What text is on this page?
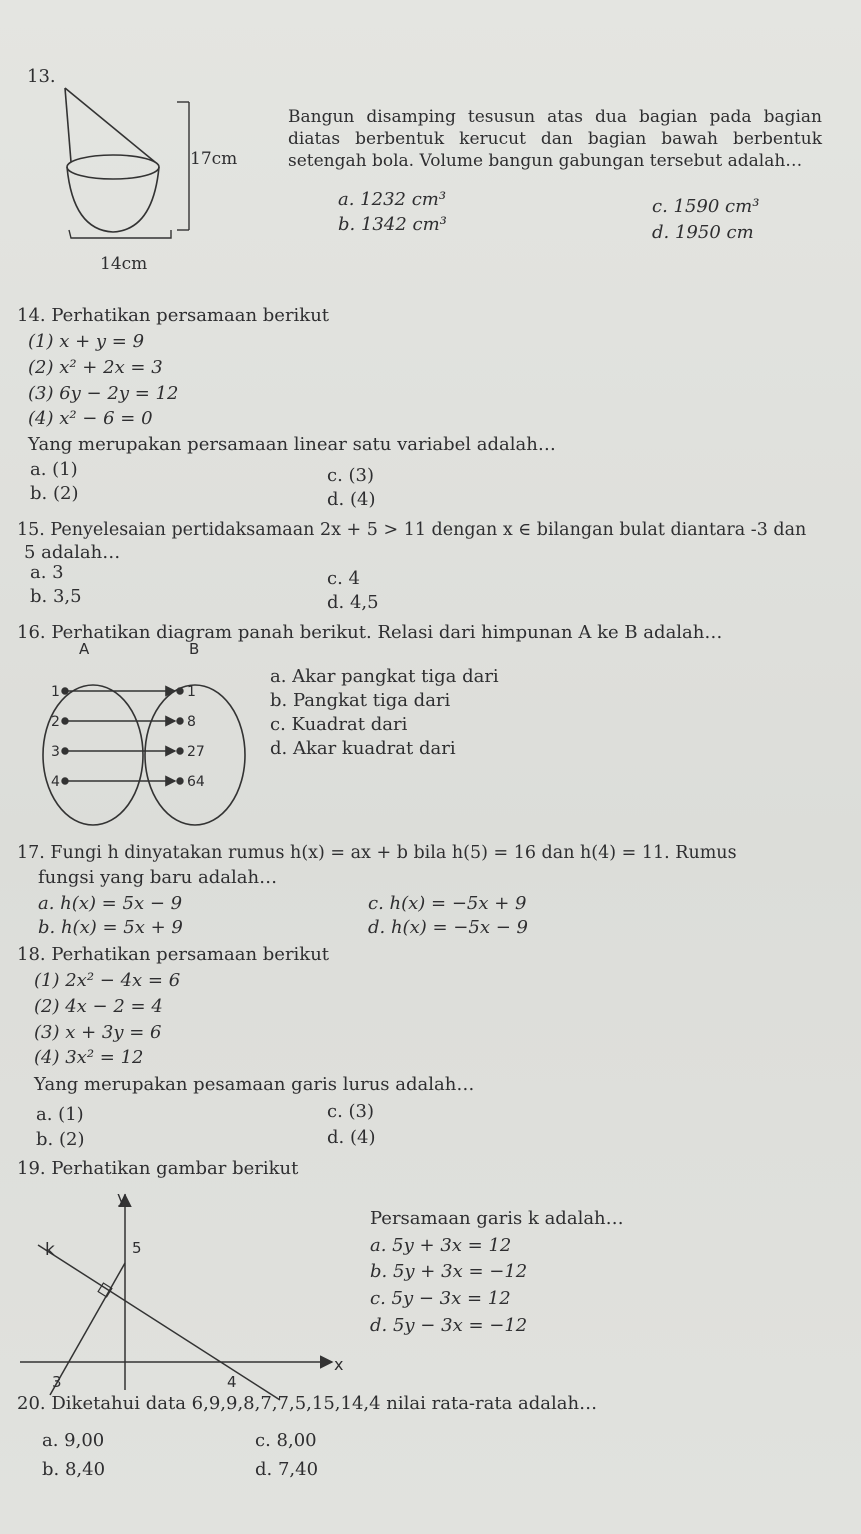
13.
17cm
14cm
Bangun disamping tesusun atas dua bagian pada bagian diatas berbentuk kerucut dan bagian bawah berbentuk setengah bola. Volume bangun gabungan tersebut adalah…
a. 1232 cm³
b. 1342 cm³
c. 1590 cm³
d. 1950 cm
14. Perhatikan persamaan berikut
(1) x + y = 9
(2) x² + 2x = 3
(3) 6y − 2y = 12
(4) x² − 6 = 0
Yang merupakan persamaan linear satu variabel adalah…
a. (1)
b. (2)
c. (3)
d. (4)
15. Penyelesaian pertidaksamaan 2x + 5 > 11 dengan x ∈ bilangan bulat diantara -3 dan
5 adalah…
a. 3
b. 3,5
c. 4
d. 4,5
16. Perhatikan diagram panah berikut. Relasi dari himpunan A ke B adalah…
A	B
1
2
3
4
1
8
27
64
a. Akar pangkat tiga dari
b. Pangkat tiga dari
c. Kuadrat dari
d. Akar kuadrat dari
17. Fungi h dinyatakan rumus h(x) = ax + b bila h(5) = 16 dan h(4) = 11. Rumus
fungsi yang baru adalah…
a. h(x) = 5x − 9
b. h(x) = 5x + 9
c. h(x) = −5x + 9
d. h(x) = −5x − 9
18. Perhatikan persamaan berikut
(1) 2x² − 4x = 6
(2) 4x − 2 = 4
(3) x + 3y = 6
(4) 3x² = 12
Yang merupakan pesamaan garis lurus adalah…
a. (1)
b. (2)
c. (3)
d. (4)
19. Perhatikan gambar berikut
y
x
k	5
3	4
Persamaan garis k adalah…
a. 5y + 3x = 12
b. 5y + 3x = −12
c. 5y − 3x = 12
d. 5y − 3x = −12
20. Diketahui data 6,9,9,8,7,7,5,15,14,4 nilai rata-rata adalah…
a. 9,00
b. 8,40
c. 8,00
d. 7,40
